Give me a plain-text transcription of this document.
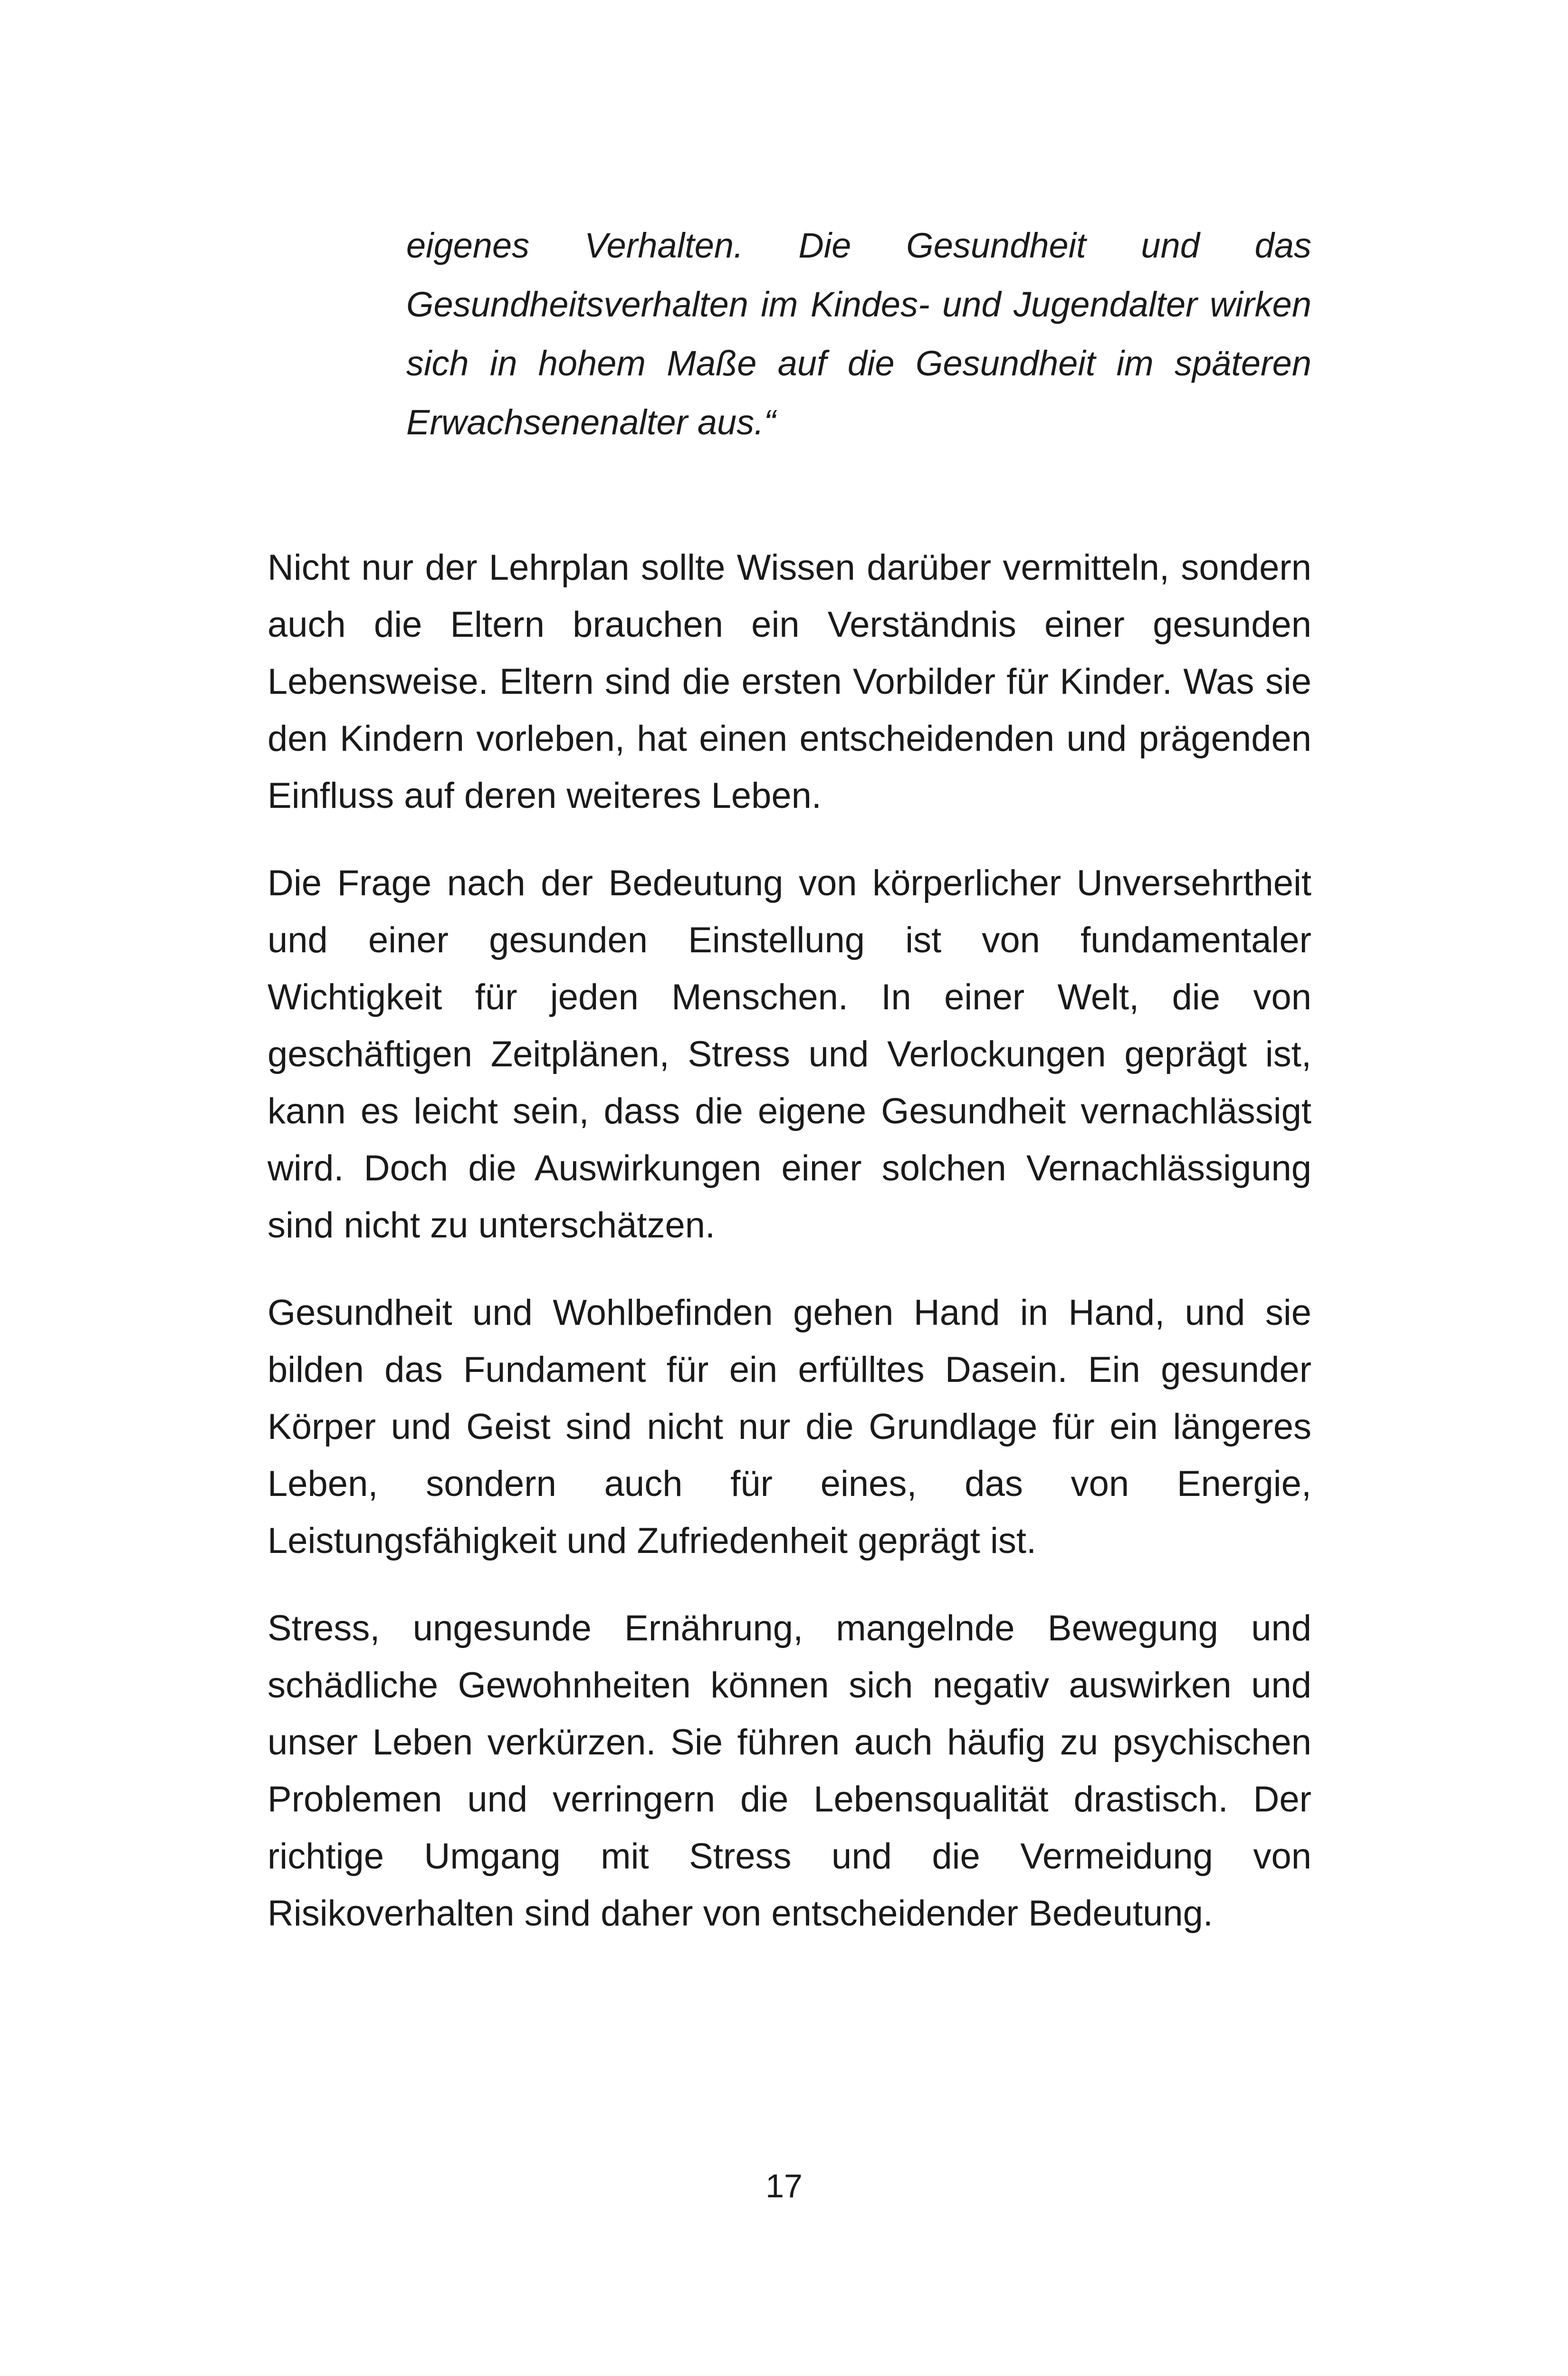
eigenes Verhalten. Die Gesundheit und das Gesundheitsverhalten im Kindes- und Jugendalter wirken sich in hohem Maße auf die Gesundheit im späteren Erwachsenenalter aus.“

Nicht nur der Lehrplan sollte Wissen darüber vermitteln, sondern auch die Eltern brauchen ein Verständnis einer gesunden Lebensweise. Eltern sind die ersten Vorbilder für Kinder. Was sie den Kindern vorleben, hat einen entscheidenden und prägenden Einfluss auf deren weiteres Leben.

Die Frage nach der Bedeutung von körperlicher Unversehrtheit und einer gesunden Einstellung ist von fundamentaler Wichtigkeit für jeden Menschen. In einer Welt, die von geschäftigen Zeitplänen, Stress und Verlockungen geprägt ist, kann es leicht sein, dass die eigene Gesundheit vernachlässigt wird. Doch die Auswirkungen einer solchen Vernachlässigung sind nicht zu unterschätzen.

Gesundheit und Wohlbefinden gehen Hand in Hand, und sie bilden das Fundament für ein erfülltes Dasein. Ein gesunder Körper und Geist sind nicht nur die Grundlage für ein längeres Leben, sondern auch für eines, das von Energie, Leistungsfähigkeit und Zufriedenheit geprägt ist.

Stress, ungesunde Ernährung, mangelnde Bewegung und schädliche Gewohnheiten können sich negativ auswirken und unser Leben verkürzen. Sie führen auch häufig zu psychischen Problemen und verringern die Lebensqualität drastisch. Der richtige Umgang mit Stress und die Vermeidung von Risikoverhalten sind daher von entscheidender Bedeutung.

17
